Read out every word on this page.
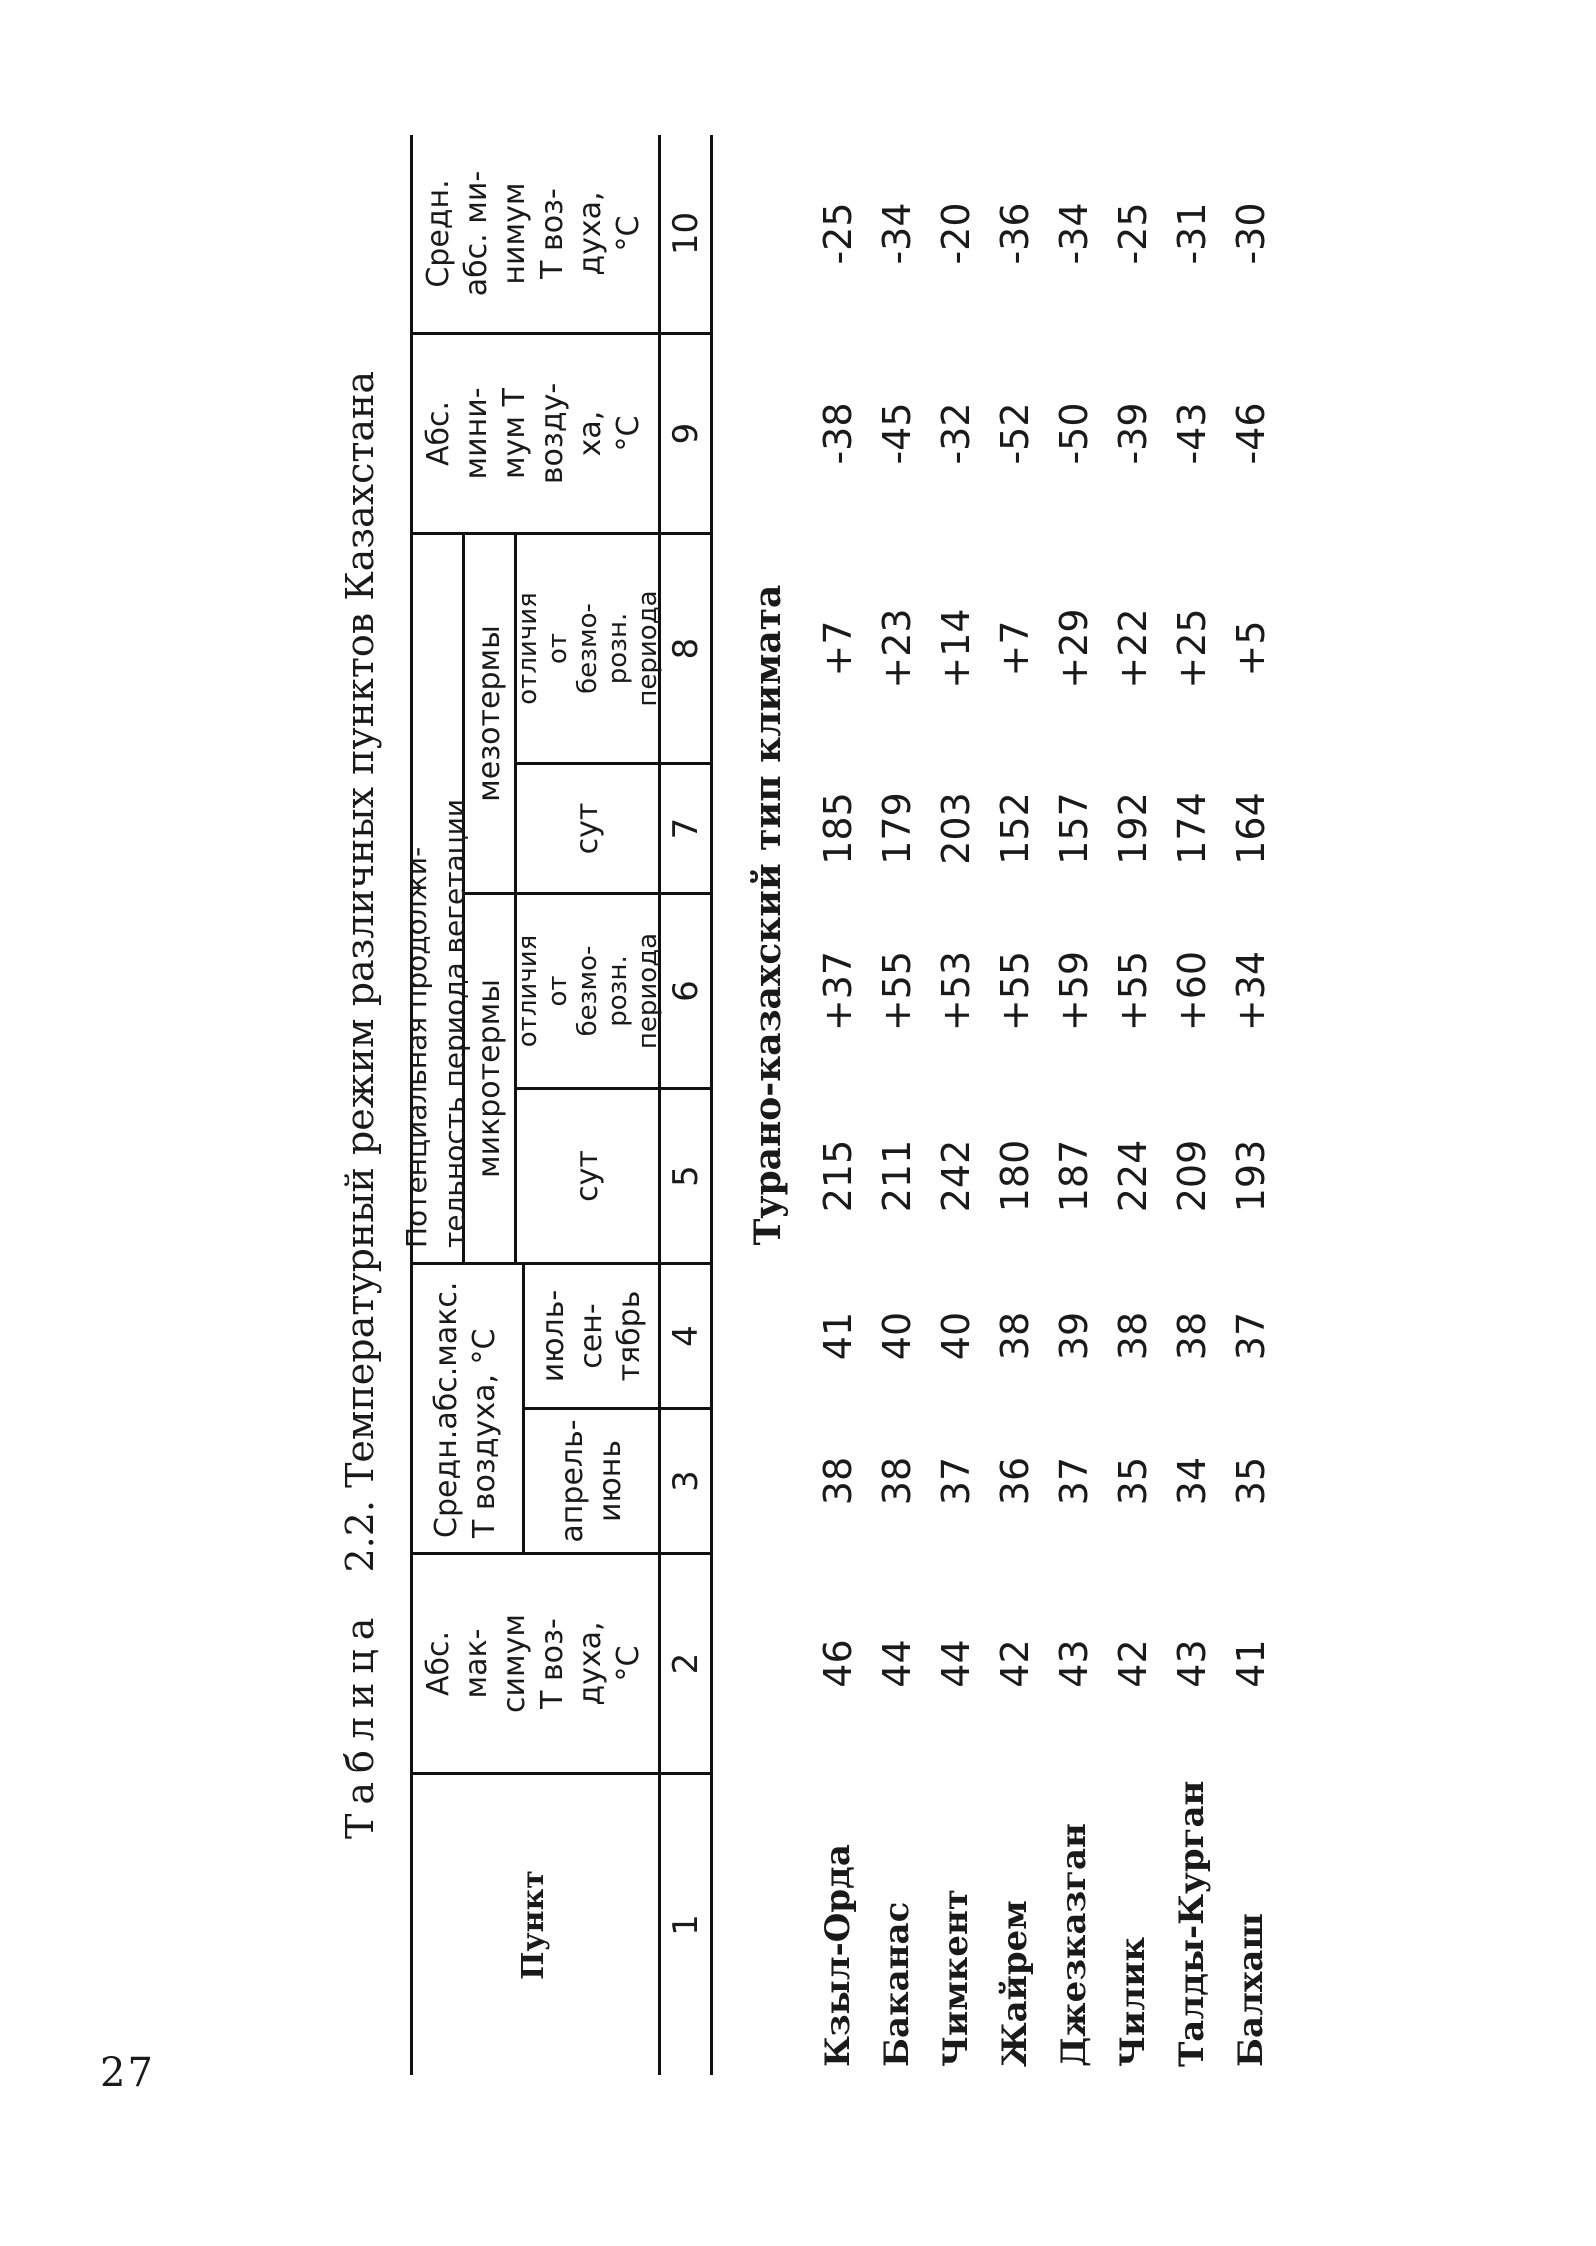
27
Таблица 2.2. Температурный режим различных пунктов Казахстана
Пункт
Абс.
мак-
симум
Т воз-
духа,
°С
Средн.абс.макс.
Т воздуха, °С
апрель-
июнь
июль-
сен-
тябрь
Потенциальная продолжи-
тельность периода вегетации
микротермы
мезотермы
сут
отличия
от
безмо-
розн.
периода
сут
отличия
от
безмо-
розн.
периода
Абс.
мини-
мум Т
возду-
ха,
°С
Средн.
абс. ми-
нимум
Т воз-
духа,
°С
1
2
3
4
5
6
7
8
9
10
Турано-казахский тип климата
Кзыл-Орда
46
38
41
215
+37
185
+7
-38
-25
Баканас
44
38
40
211
+55
179
+23
-45
-34
Чимкент
44
37
40
242
+53
203
+14
-32
-20
Жайрем
42
36
38
180
+55
152
+7
-52
-36
Джезказган
43
37
39
187
+59
157
+29
-50
-34
Чилик
42
35
38
224
+55
192
+22
-39
-25
Талды-Курган
43
34
38
209
+60
174
+25
-43
-31
Балхаш
41
35
37
193
+34
164
+5
-46
-30
